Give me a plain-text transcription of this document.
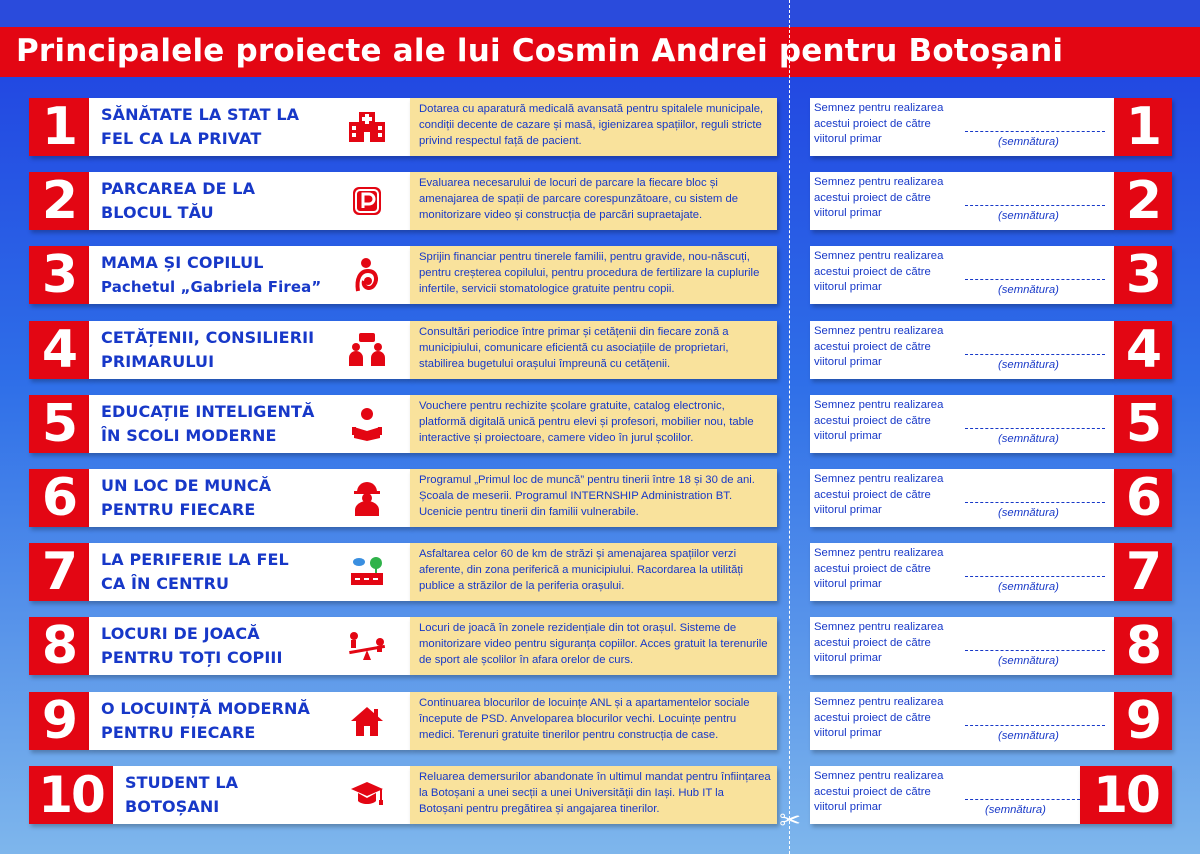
Principalele proiecte ale lui Cosmin Andrei pentru Botoșani
✂
1	SĂNĂTATE LA STAT LA
FEL CA LA PRIVAT
Dotarea cu aparatură medicală avansată pentru spitalele municipale, condiții decente de cazare și masă, igienizarea spațiilor, reguli stricte privind respectul față de pacient.
Semnez pentru realizarea acestui proiect de către viitorul primar	(semnătura) 1
2	PARCAREA DE LA
BLOCUL TĂU
Evaluarea necesarului de locuri de parcare la fiecare bloc și amenajarea de spații de parcare corespunzătoare, cu sistem de monitorizare video și construcția de parcări supraetajate.
Semnez pentru realizarea acestui proiect de către viitorul primar	(semnătura) 2
3	MAMA ȘI COPILUL
Pachetul „Gabriela Firea”
Sprijin financiar pentru tinerele familii, pentru gravide, nou-născuți, pentru creșterea copilului, pentru procedura de fertilizare la cuplurile infertile, servicii stomatologice gratuite pentru copii.
Semnez pentru realizarea acestui proiect de către viitorul primar	(semnătura) 3
4	CETĂȚENII, CONSILIERII
PRIMARULUI
Consultări periodice între primar și cetățenii din fiecare zonă a municipiului, comunicare eficientă cu asociațiile de proprietari, stabilirea bugetului orașului împreună cu cetățenii.
Semnez pentru realizarea acestui proiect de către viitorul primar	(semnătura) 4
5	EDUCAȚIE INTELIGENTĂ
ÎN SCOLI MODERNE
Vouchere pentru rechizite școlare gratuite, catalog electronic, platformă digitală unică pentru elevi și profesori, mobilier nou, table interactive și proiectoare, camere video în jurul școlilor.
Semnez pentru realizarea acestui proiect de către viitorul primar	(semnătura) 5
6	UN LOC DE MUNCĂ
PENTRU FIECARE
Programul „Primul loc de muncă” pentru tinerii între 18 și 30 de ani. Școala de meserii. Programul INTERNSHIP Administration BT. Ucenicie pentru tinerii din familii vulnerabile.
Semnez pentru realizarea acestui proiect de către viitorul primar	(semnătura) 6
7	LA PERIFERIE LA FEL
CA ÎN CENTRU
Asfaltarea celor 60 de km de străzi și amenajarea spațiilor verzi aferente, din zona periferică a municipiului. Racordarea la utilități publice a străzilor de la periferia orașului.
Semnez pentru realizarea acestui proiect de către viitorul primar	(semnătura) 7
8	LOCURI DE JOACĂ
PENTRU TOȚI COPIII
Locuri de joacă în zonele rezidențiale din tot orașul. Sisteme de monitorizare video pentru siguranța copiilor. Acces gratuit la terenurile de sport ale școlilor în afara orelor de curs.
Semnez pentru realizarea acestui proiect de către viitorul primar	(semnătura) 8
9	O LOCUINȚĂ MODERNĂ
PENTRU FIECARE
Continuarea blocurilor de locuințe ANL și a apartamentelor sociale începute de PSD. Anveloparea blocurilor vechi. Locuințe pentru medici. Terenuri gratuite tinerilor pentru construcția de case.
Semnez pentru realizarea acestui proiect de către viitorul primar	(semnătura) 9
10	STUDENT LA
BOTOȘANI
Reluarea demersurilor abandonate în ultimul mandat pentru înființarea la Botoșani a unei secții a unei Universității din Iași. Hub IT la Botoșani pentru pregătirea și angajarea tinerilor.
Semnez pentru realizarea acestui proiect de către viitorul primar	(semnătura) 10
